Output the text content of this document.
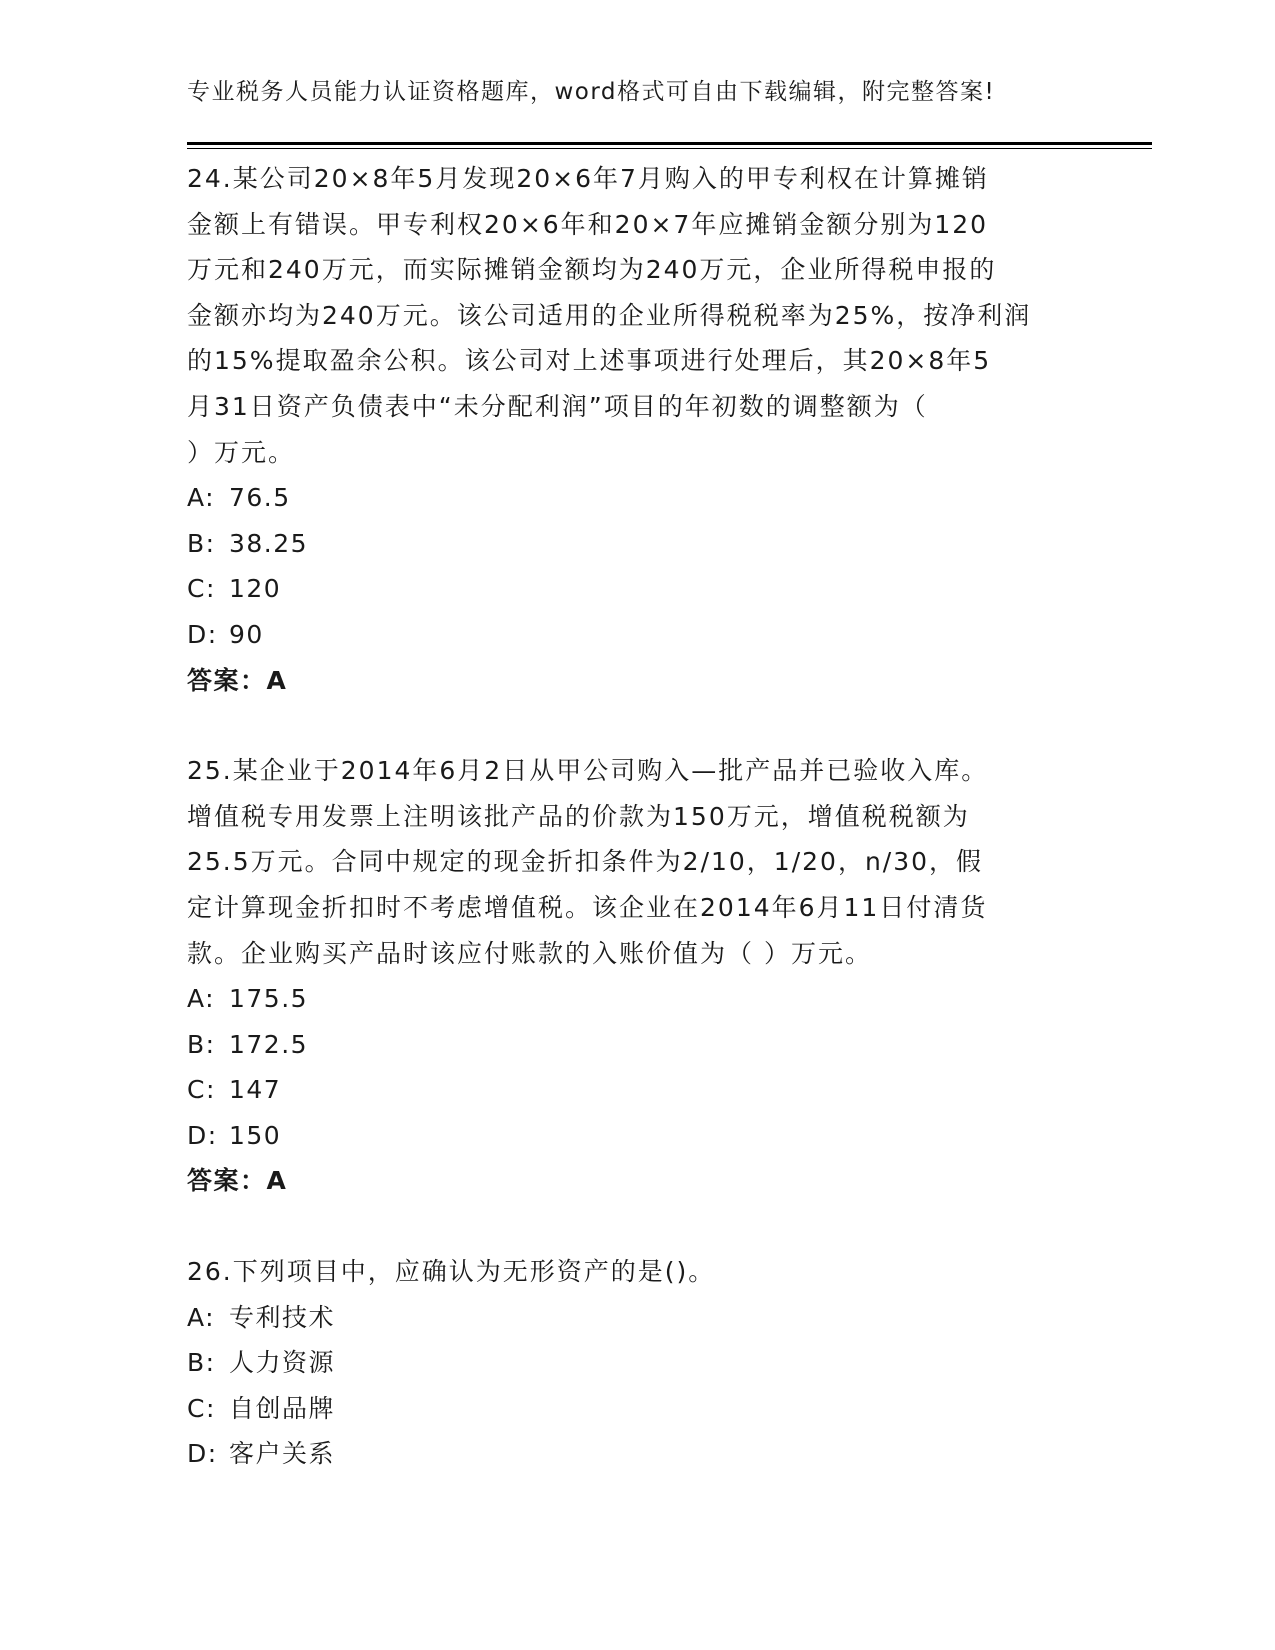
专业税务人员能力认证资格题库，word格式可自由下载编辑，附完整答案!
24.某公司20×8年5月发现20×6年7月购入的甲专利权在计算摊销
金额上有错误。甲专利权20×6年和20×7年应摊销金额分别为120
万元和240万元，而实际摊销金额均为240万元，企业所得税申报的
金额亦均为240万元。该公司适用的企业所得税税率为25%，按净利润
的15%提取盈余公积。该公司对上述事项进行处理后，其20×8年5
月31日资产负债表中“未分配利润”项目的年初数的调整额为（
）万元。
A: 76.5
B: 38.25
C: 120
D: 90
答案：A
25.某企业于2014年6月2日从甲公司购入—批产品并已验收入库。
增值税专用发票上注明该批产品的价款为150万元，增值税税额为
25.5万元。合同中规定的现金折扣条件为2/10，1/20，n/30，假
定计算现金折扣时不考虑增值税。该企业在2014年6月11日付清货
款。企业购买产品时该应付账款的入账价值为（ ）万元。
A: 175.5
B: 172.5
C: 147
D: 150
答案：A
26.下列项目中，应确认为无形资产的是()。
A: 专利技术
B: 人力资源
C: 自创品牌
D: 客户关系
